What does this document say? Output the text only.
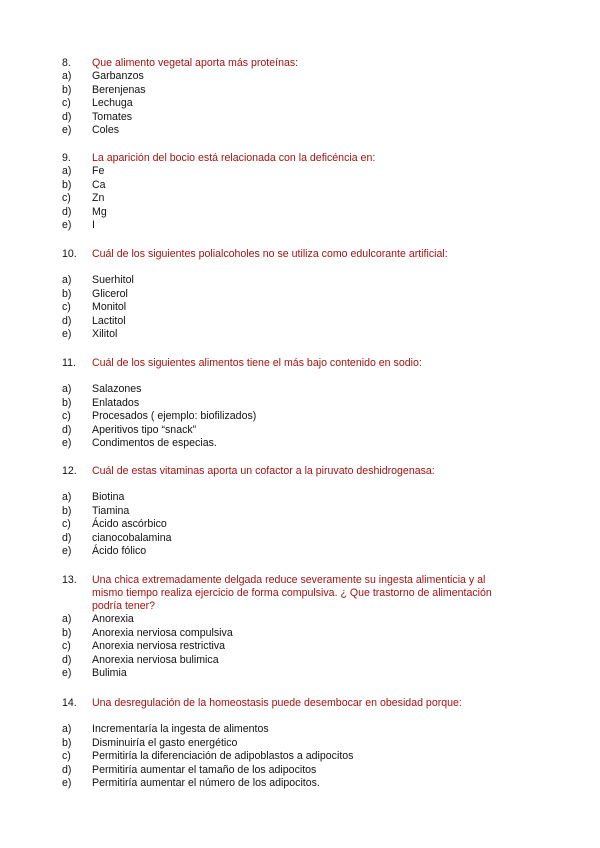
8.	Que alimento vegetal aporta más proteínas:
a)	Garbanzos
b)	Berenjenas
c)	Lechuga
d)	Tomates
e)	Coles
9.	La aparición del bocio está relacionada con la deficéncia en:
a)	Fe
b)	Ca
c)	Zn
d)	Mg
e)	I
10.	Cuál de los siguientes polialcoholes no se utiliza como edulcorante artificial:
a)	Suerhitol
b)	Glicerol
c)	Monitol
d)	Lactitol
e)	Xilitol
11.	Cuál de los siguientes alimentos tiene el más bajo contenido en sodio:
a)	Salazones
b)	Enlatados
c)	Procesados ( ejemplo: biofilizados)
d)	Aperitivos tipo “snack”
e)	Condimentos de especias.
12.	Cuál de estas vitaminas aporta un cofactor a la piruvato deshidrogenasa:
a)	Biotina
b)	Tiamina
c)	Ácido ascórbico
d)	cianocobalamina
e)	Ácido fólico
13.	Una chica extremadamente delgada reduce severamente su ingesta alimenticia y al mismo tiempo realiza ejercicio de forma compulsiva. ¿ Que trastorno de alimentación podría tener?
a)	Anorexia
b)	Anorexia nerviosa compulsiva
c)	Anorexia nerviosa restrictiva
d)	Anorexia nerviosa bulimica
e)	Bulimia
14.	Una desregulación de la homeostasis puede desembocar en obesidad porque:
a)	Incrementaría la ingesta de alimentos
b)	Disminuiría el gasto energético
c)	Permitiría la diferenciación de adipoblastos a adipocitos
d)	Permitiría aumentar el tamaño de los adipocitos
e)	Permitiría aumentar el número de los adipocitos.
